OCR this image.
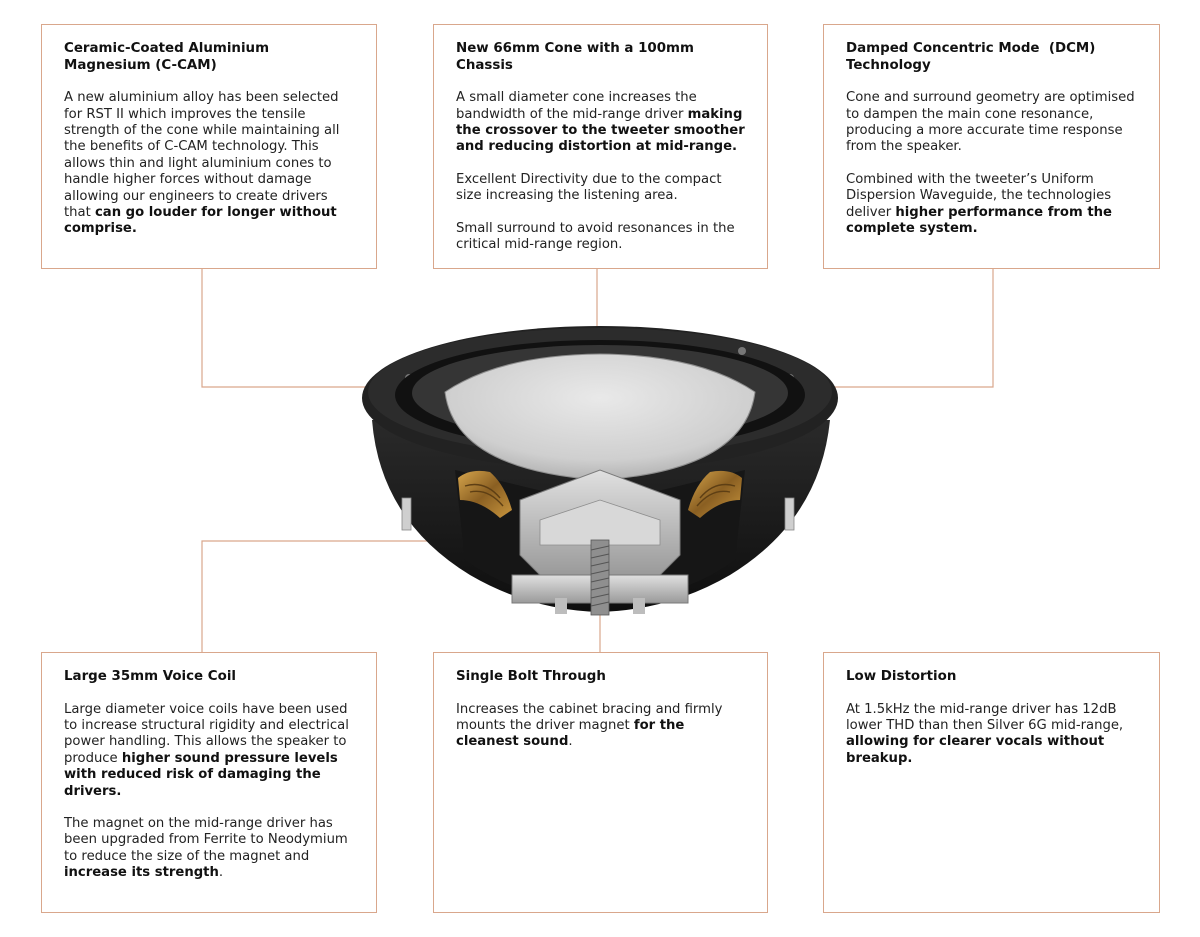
Ceramic-Coated Aluminium Magnesium (C-CAM)

A new aluminium alloy has been selected for RST II which improves the tensile strength of the cone while maintaining all the benefits of C-CAM technology. This allows thin and light aluminium cones to handle higher forces without damage allowing our engineers to create drivers that can go louder for longer without comprise.

New 66mm Cone with a 100mm Chassis

A small diameter cone increases the bandwidth of the mid-range driver making the crossover to the tweeter smoother and reducing distortion at mid-range.

Excellent Directivity due to the compact size increasing the listening area.

Small surround to avoid resonances in the critical mid-range region.

Damped Concentric Mode  (DCM) Technology

Cone and surround geometry are optimised to dampen the main cone resonance, producing a more accurate time response from the speaker.

Combined with the tweeter’s Uniform Dispersion Waveguide, the technologies deliver higher performance from the complete system.

Large 35mm Voice Coil

Large diameter voice coils have been used to increase structural rigidity and electrical power handling. This allows the speaker to produce higher sound pressure levels with reduced risk of damaging the drivers.

The magnet on the mid-range driver has been upgraded from Ferrite to Neodymium to reduce the size of the magnet and increase its strength.

Single Bolt Through

Increases the cabinet bracing and firmly mounts the driver magnet for the cleanest sound.

Low Distortion

At 1.5kHz the mid-range driver has 12dB lower THD than then Silver 6G mid-range, allowing for clearer vocals without breakup.
